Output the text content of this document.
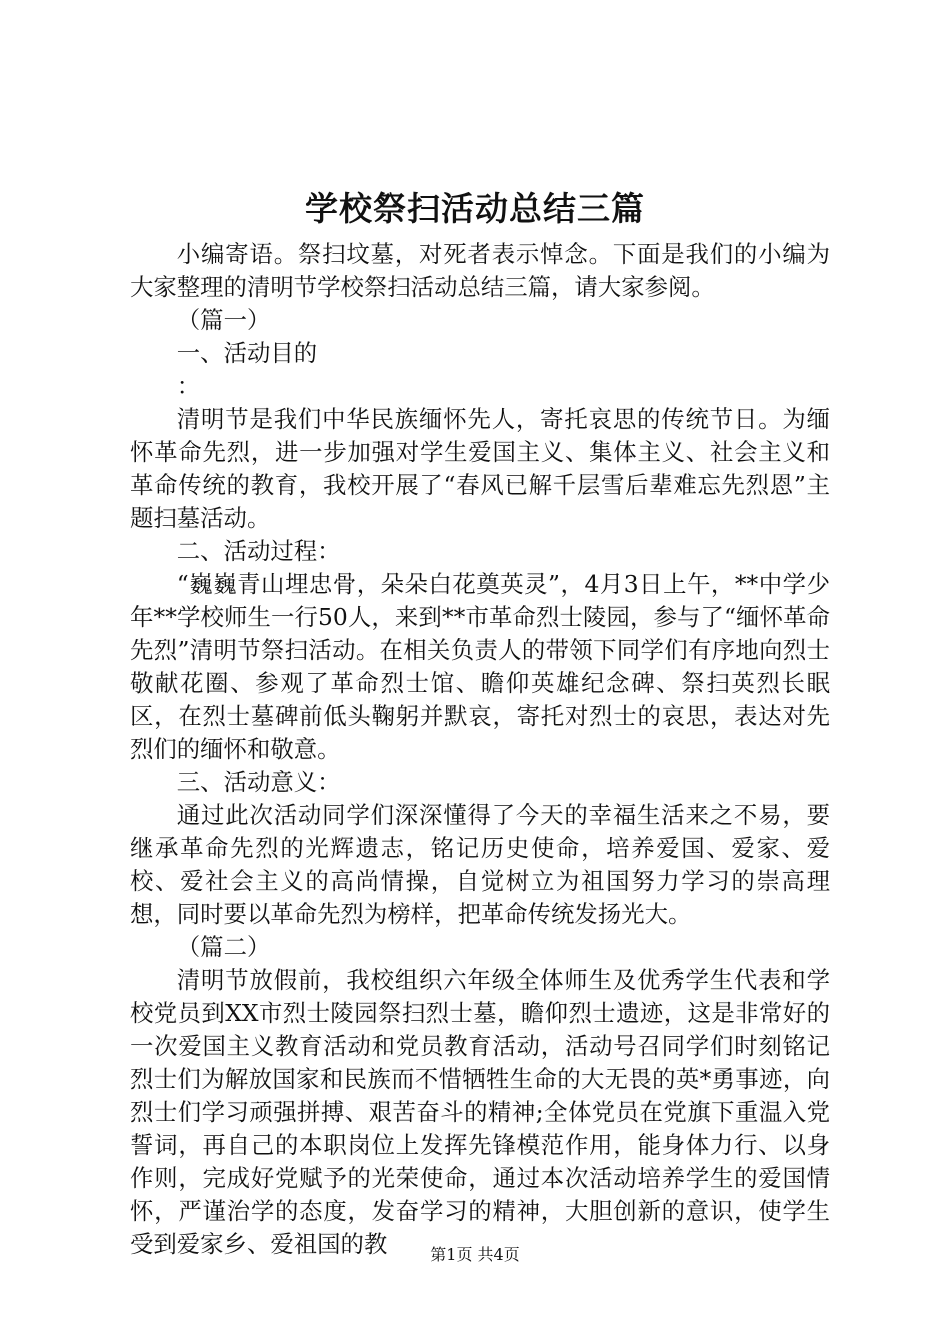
学校祭扫活动总结三篇

小编寄语。祭扫坟墓，对死者表示悼念。下面是我们的小编为大家整理的清明节学校祭扫活动总结三篇，请大家参阅。

（篇一）

一、活动目的

：

清明节是我们中华民族缅怀先人，寄托哀思的传统节日。为缅怀革命先烈，进一步加强对学生爱国主义、集体主义、社会主义和革命传统的教育，我校开展了“春风已解千层雪后辈难忘先烈恩”主题扫墓活动。

二、活动过程：

“巍巍青山埋忠骨，朵朵白花奠英灵”，4月3日上午，**中学少年**学校师生一行50人，来到**市革命烈士陵园，参与了“缅怀革命先烈”清明节祭扫活动。在相关负责人的带领下同学们有序地向烈士敬献花圈、参观了革命烈士馆、瞻仰英雄纪念碑、祭扫英烈长眠区，在烈士墓碑前低头鞠躬并默哀，寄托对烈士的哀思，表达对先烈们的缅怀和敬意。

三、活动意义：

通过此次活动同学们深深懂得了今天的幸福生活来之不易，要继承革命先烈的光辉遗志，铭记历史使命，培养爱国、爱家、爱校、爱社会主义的高尚情操，自觉树立为祖国努力学习的崇高理想，同时要以革命先烈为榜样，把革命传统发扬光大。

（篇二）

清明节放假前，我校组织六年级全体师生及优秀学生代表和学校党员到XX市烈士陵园祭扫烈士墓，瞻仰烈士遗迹，这是非常好的一次爱国主义教育活动和党员教育活动，活动号召同学们时刻铭记烈士们为解放国家和民族而不惜牺牲生命的大无畏的英*勇事迹，向烈士们学习顽强拼搏、艰苦奋斗的精神;全体党员在党旗下重温入党誓词，再自己的本职岗位上发挥先锋模范作用，能身体力行、以身作则，完成好党赋予的光荣使命，通过本次活动培养学生的爱国情怀，严谨治学的态度，发奋学习的精神，大胆创新的意识，使学生受到爱家乡、爱祖国的教	第1页 共4页
